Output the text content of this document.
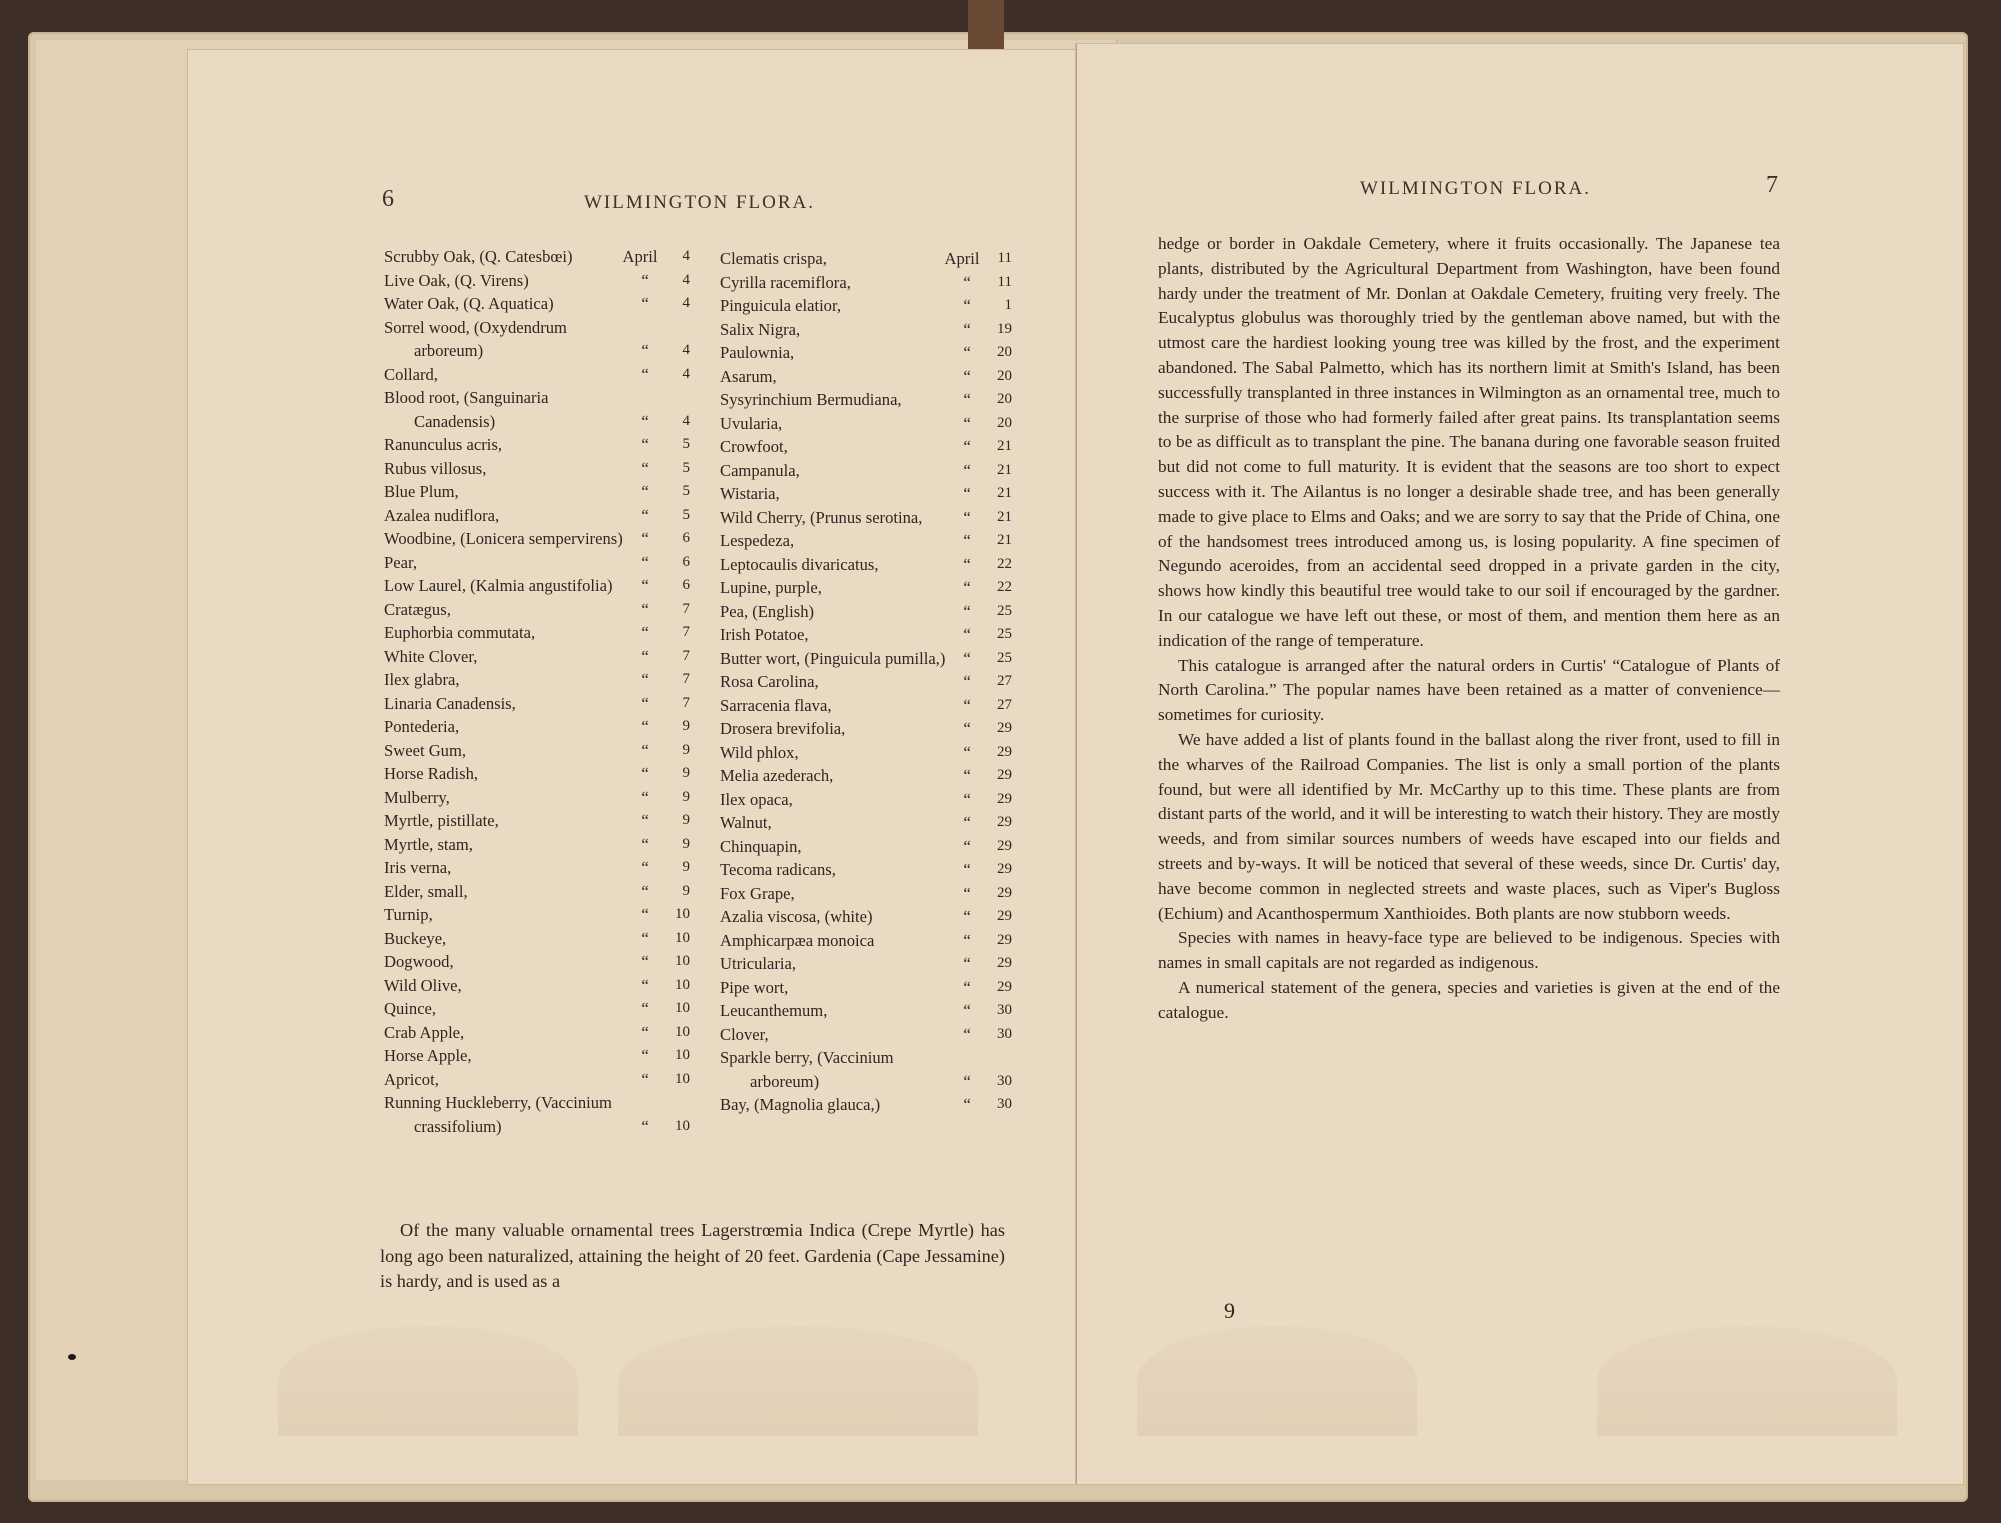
6	WILMINGTON FLORA.
WILMINGTON FLORA.	7
Scrubby Oak, (Q. Catesbœi)	April	4
Live Oak, (Q. Virens)	“	4
Water Oak, (Q. Aquatica)	“	4
Sorrel wood, (Oxydendrum arboreum)	“	4
Collard,	“	4
Blood root, (Sanguinaria Canadensis)	“	4
Ranunculus acris,	“	5
Rubus villosus,	“	5
Blue Plum,	“	5
Azalea nudiflora,	“	5
Woodbine, (Lonicera sempervirens)	“	6
Pear,	“	6
Low Laurel, (Kalmia angustifolia)	“	6
Cratægus,	“	7
Euphorbia commutata,	“	7
White Clover,	“	7
Ilex glabra,	“	7
Linaria Canadensis,	“	7
Pontederia,	“	9
Sweet Gum,	“	9
Horse Radish,	“	9
Mulberry,	“	9
Myrtle, pistillate,	“	9
Myrtle, stam,	“	9
Iris verna,	“	9
Elder, small,	“	9
Turnip,	“	10
Buckeye,	“	10
Dogwood,	“	10
Wild Olive,	“	10
Quince,	“	10
Crab Apple,	“	10
Horse Apple,	“	10
Apricot,	“	10
Running Huckleberry, (Vaccinium crassifolium)	“	10
Clematis crispa,	April	11
Cyrilla racemiflora,	“	11
Pinguicula elatior,	“	1
Salix Nigra,	“	19
Paulownia,	“	20
Asarum,	“	20
Sysyrinchium Bermudiana,	“	20
Uvularia,	“	20
Crowfoot,	“	21
Campanula,	“	21
Wistaria,	“	21
Wild Cherry, (Prunus serotina,	“	21
Lespedeza,	“	21
Leptocaulis divaricatus,	“	22
Lupine, purple,	“	22
Pea, (English)	“	25
Irish Potatoe,	“	25
Butter wort, (Pinguicula pumilla,)	“	25
Rosa Carolina,	“	27
Sarracenia flava,	“	27
Drosera brevifolia,	“	29
Wild phlox,	“	29
Melia azederach,	“	29
Ilex opaca,	“	29
Walnut,	“	29
Chinquapin,	“	29
Tecoma radicans,	“	29
Fox Grape,	“	29
Azalia viscosa, (white)	“	29
Amphicarpæa monoica	“	29
Utricularia,	“	29
Pipe wort,	“	29
Leucanthemum,	“	30
Clover,	“	30
Sparkle berry, (Vaccinium arboreum)	“	30
Bay, (Magnolia glauca,)	“	30
Of the many valuable ornamental trees Lagerstrœmia Indica (Crepe Myrtle) has long ago been naturalized, attaining the height of 20 feet. Gardenia (Cape Jessamine) is hardy, and is used as a

hedge or border in Oakdale Cemetery, where it fruits occasionally. The Japanese tea plants, distributed by the Agricultural Department from Washington, have been found hardy under the treatment of Mr. Donlan at Oakdale Cemetery, fruiting very freely. The Eucalyptus globulus was thoroughly tried by the gentleman above named, but with the utmost care the hardiest looking young tree was killed by the frost, and the experiment abandoned. The Sabal Palmetto, which has its northern limit at Smith's Island, has been successfully transplanted in three instances in Wilmington as an ornamental tree, much to the surprise of those who had formerly failed after great pains. Its transplantation seems to be as difficult as to transplant the pine. The banana during one favorable season fruited but did not come to full maturity. It is evident that the seasons are too short to expect success with it. The Ailantus is no longer a desirable shade tree, and has been generally made to give place to Elms and Oaks; and we are sorry to say that the Pride of China, one of the handsomest trees introduced among us, is losing popularity. A fine specimen of Negundo aceroides, from an accidental seed dropped in a private garden in the city, shows how kindly this beautiful tree would take to our soil if encouraged by the gardner. In our catalogue we have left out these, or most of them, and mention them here as an indication of the range of temperature.

This catalogue is arranged after the natural orders in Curtis' “Catalogue of Plants of North Carolina.” The popular names have been retained as a matter of convenience—sometimes for curiosity.

We have added a list of plants found in the ballast along the river front, used to fill in the wharves of the Railroad Companies. The list is only a small portion of the plants found, but were all identified by Mr. McCarthy up to this time. These plants are from distant parts of the world, and it will be interesting to watch their history. They are mostly weeds, and from similar sources numbers of weeds have escaped into our fields and streets and by-ways. It will be noticed that several of these weeds, since Dr. Curtis' day, have become common in neglected streets and waste places, such as Viper's Bugloss (Echium) and Acanthospermum Xanthioides. Both plants are now stubborn weeds.

Species with names in heavy-face type are believed to be indigenous. Species with names in small capitals are not regarded as indigenous.

A numerical statement of the genera, species and varieties is given at the end of the catalogue.

9
